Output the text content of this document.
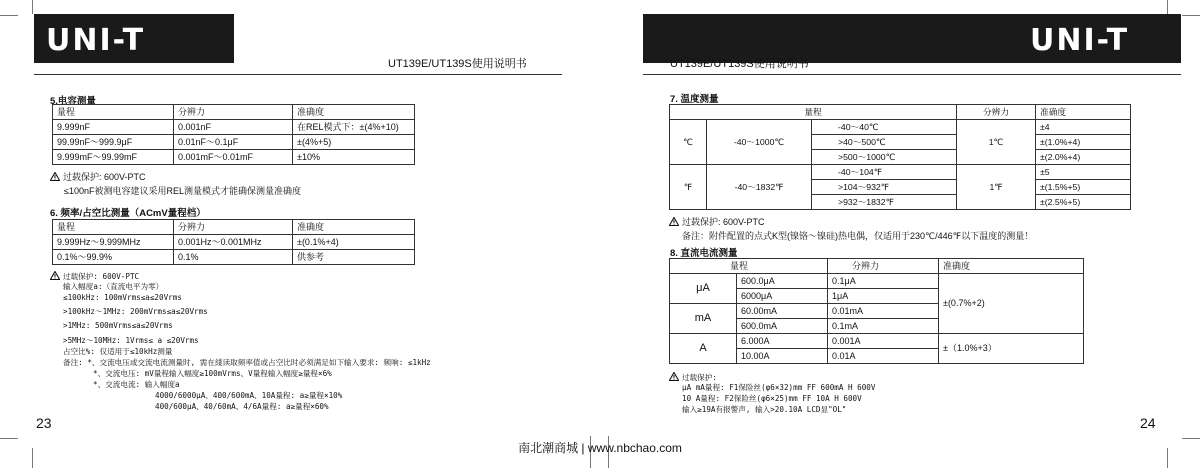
UNI-T
UT139E/UT139S使用说明书
UNI-T
UT139E/UT139S使用说明书
5.电容测量
量程	分辨力	准确度
9.999nF	0.001nF	在REL模式下：±(4%+10)
99.99nF～999.9μF	0.01nF～0.1μF	±(4%+5)
9.999mF～99.99mF	0.001mF～0.01mF	±10%
过载保护: 600V-PTC
≤100nF被测电容建议采用REL测量模式才能确保测量准确度
6. 频率/占空比测量（ACmV量程档）
量程	分辨力	准确度
9.999Hz～9.999MHz	0.001Hz～0.001MHz	±(0.1%+4)
0.1%～99.9%	0.1%	供参考
过载保护: 600V-PTC
输入幅度a:（直流电平为零）
≤100kHz: 100mVrms≤a≤20Vrms
>100kHz～1MHz: 200mVrms≤a≤20Vrms
>1MHz: 500mVrms≤a≤20Vrms
>5MHz～10MHz: 1Vrms≤ a ≤20Vrms
占空比%: 仅适用于≤10kHz测量
备注: *、交流电压或交流电流测量时, 需在綫读取频率值或占空比时必须满足如下输入要求: 频响: ≤1kHz
*、交流电压: mV量程输入幅度≥100mVrms、V量程输入幅度≥量程×6%
*、交流电流: 输入幅度a
4000/6000μA、400/600mA、10A量程: a≥量程×10%
400/600μA、40/60mA、4/6A量程: a≥量程×60%
23
7. 温度测量
量程			分辨力	准确度
℃	-40～1000℃	-40～40℃	1℃	±4
		>40～500℃		±(1.0%+4)
		>500～1000℃		±(2.0%+4)
℉	-40～1832℉	-40～104℉	1℉	±5
		>104～932℉		±(1.5%+5)
		>932～1832℉		±(2.5%+5)
过载保护: 600V-PTC
备注：附件配置的点式K型(镍铬～镍硅)热电偶，仅适用于230℃/446℉以下温度的测量！
8. 直流电流测量
量程		分辨力	准确度
μA	600.0μA	0.1μA	±(0.7%+2)
	6000μA	1μA	
mA	60.00mA	0.01mA	
	600.0mA	0.1mA	
A	6.000A	0.001A	±（1.0%+3）
	10.00A	0.01A	
过载保护:
μA mA量程: F1保险丝(φ6×32)mm FF 600mA H 600V
10 A量程: F2保险丝(φ6×25)mm FF 10A H 600V
输入≥19A有报警声, 输入>20.10A LCD显"OL"
24
南北潮商城 | www.nbchao.com
